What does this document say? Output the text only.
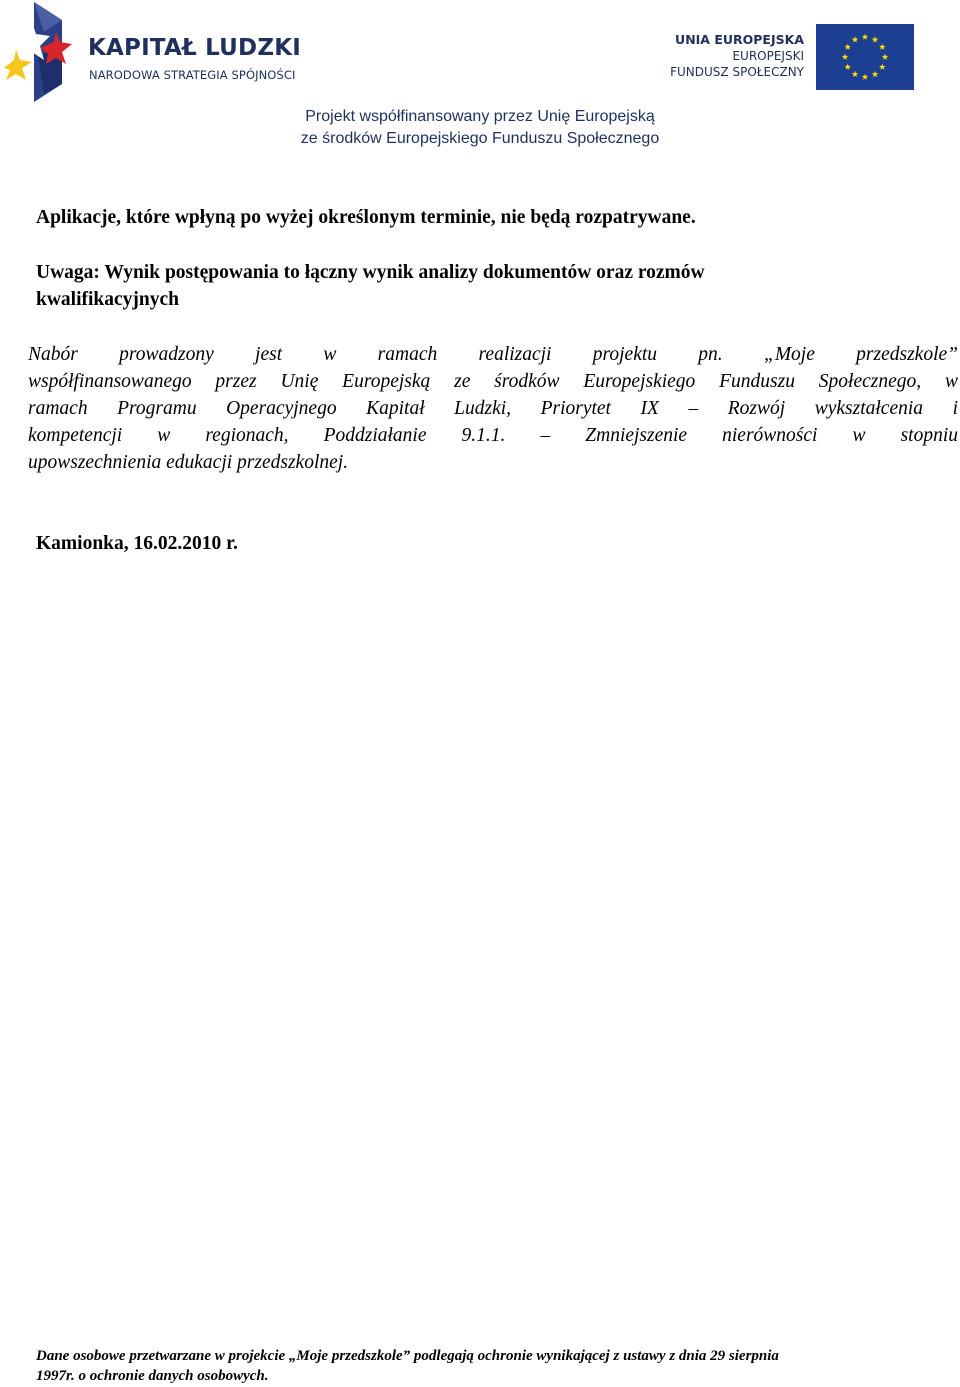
KAPITAŁ LUDZKI
NARODOWA STRATEGIA SPÓJNOŚCI
UNIA EUROPEJSKA
EUROPEJSKI
FUNDUSZ SPOŁECZNY
Projekt współfinansowany przez Unię Europejską
ze środków Europejskiego Funduszu Społecznego
Aplikacje, które wpłyną po wyżej określonym terminie, nie będą rozpatrywane.
Uwaga: Wynik postępowania to łączny wynik analizy dokumentów oraz rozmów
kwalifikacyjnych
Nabór prowadzony jest w ramach realizacji projektu pn. „Moje przedszkole”
współfinansowanego przez Unię Europejską ze środków Europejskiego Funduszu Społecznego, w
ramach Programu Operacyjnego Kapitał Ludzki, Priorytet IX – Rozwój wykształcenia i
kompetencji w regionach, Poddziałanie 9.1.1. – Zmniejszenie nierówności w stopniu
upowszechnienia edukacji przedszkolnej.
Kamionka, 16.02.2010 r.
Dane osobowe przetwarzane w projekcie „Moje przedszkole” podlegają ochronie wynikającej z ustawy z dnia 29 sierpnia
1997r. o ochronie danych osobowych.
